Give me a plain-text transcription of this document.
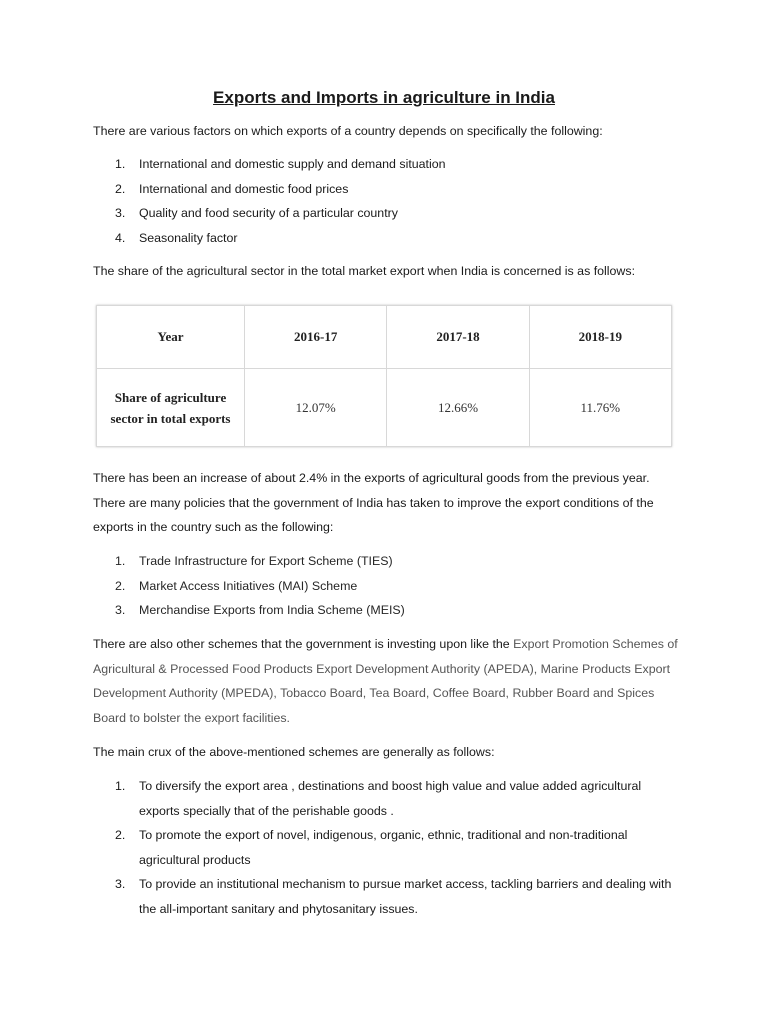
Exports and Imports in agriculture in India
There are various factors on which exports of a country depends on specifically the following:
1. International and domestic supply and demand situation
2. International and domestic food prices
3. Quality and food security of a particular country
4. Seasonality factor
The share of the agricultural sector in the total market export when India is concerned is as follows:
Year	2016-17	2017-18	2018-19
Share of agriculture
sector in total exports	12.07%	12.66%	11.76%
There has been an increase of about 2.4% in the exports of agricultural goods from the previous year. There are many policies that the government of India has taken to improve the export conditions of the exports in the country such as the following:
1. Trade Infrastructure for Export Scheme (TIES)
2. Market Access Initiatives (MAI) Scheme
3. Merchandise Exports from India Scheme (MEIS)
There are also other schemes that the government is investing upon like the Export Promotion Schemes of Agricultural & Processed Food Products Export Development Authority (APEDA), Marine Products Export Development Authority (MPEDA), Tobacco Board, Tea Board, Coffee Board, Rubber Board and Spices Board to bolster the export facilities.
The main crux of the above-mentioned schemes are generally as follows:
1. To diversify the export area , destinations and boost high value and value added agricultural exports specially that of the perishable goods .
2. To promote the export of novel, indigenous, organic, ethnic, traditional and non-traditional agricultural products
3. To provide an institutional mechanism to pursue market access, tackling barriers and dealing with the all-important sanitary and phytosanitary issues.
